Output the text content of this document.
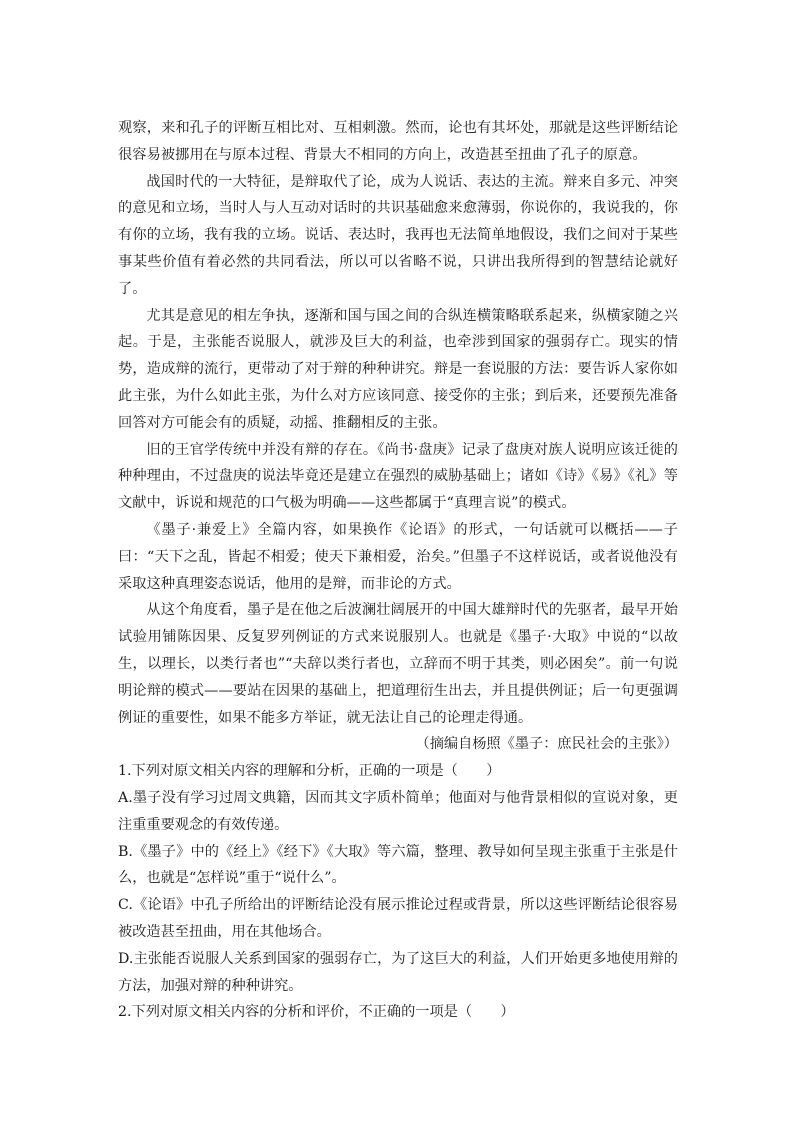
观察，来和孔子的评断互相比对、互相刺激。然而，论也有其坏处，那就是这些评断结论很容易被挪用在与原本过程、背景大不相同的方向上，改造甚至扭曲了孔子的原意。

战国时代的一大特征，是辩取代了论，成为人说话、表达的主流。辩来自多元、冲突的意见和立场，当时人与人互动对话时的共识基础愈来愈薄弱，你说你的，我说我的，你有你的立场，我有我的立场。说话、表达时，我再也无法简单地假设，我们之间对于某些事某些价值有着必然的共同看法，所以可以省略不说，只讲出我所得到的智慧结论就好了。

尤其是意见的相左争执，逐渐和国与国之间的合纵连横策略联系起来，纵横家随之兴起。于是，主张能否说服人，就涉及巨大的利益，也牵涉到国家的强弱存亡。现实的情势，造成辩的流行，更带动了对于辩的种种讲究。辩是一套说服的方法：要告诉人家你如此主张，为什么如此主张，为什么对方应该同意、接受你的主张；到后来，还要预先准备回答对方可能会有的质疑，动摇、推翻相反的主张。

旧的王官学传统中并没有辩的存在。《尚书·盘庚》记录了盘庚对族人说明应该迁徙的种种理由，不过盘庚的说法毕竟还是建立在强烈的威胁基础上；诸如《诗》《易》《礼》等文献中，诉说和规范的口气极为明确——这些都属于“真理言说”的模式。

《墨子·兼爱上》全篇内容，如果换作《论语》的形式，一句话就可以概括——子曰：“天下之乱，皆起不相爱；使天下兼相爱，治矣。”但墨子不这样说话，或者说他没有采取这种真理姿态说话，他用的是辩，而非论的方式。

从这个角度看，墨子是在他之后波澜壮阔展开的中国大雄辩时代的先驱者，最早开始试验用铺陈因果、反复罗列例证的方式来说服别人。也就是《墨子·大取》中说的“以故生，以理长，以类行者也”“夫辞以类行者也，立辞而不明于其类，则必困矣”。前一句说明论辩的模式——要站在因果的基础上，把道理衍生出去，并且提供例证；后一句更强调例证的重要性，如果不能多方举证，就无法让自己的论理走得通。

（摘编自杨照《墨子：庶民社会的主张》）

1.下列对原文相关内容的理解和分析，正确的一项是（　　）

A.墨子没有学习过周文典籍，因而其文字质朴简单；他面对与他背景相似的宣说对象，更注重重要观念的有效传递。

B.《墨子》中的《经上》《经下》《大取》等六篇，整理、教导如何呈现主张重于主张是什么，也就是“怎样说”重于“说什么”。

C.《论语》中孔子所给出的评断结论没有展示推论过程或背景，所以这些评断结论很容易被改造甚至扭曲，用在其他场合。

D.主张能否说服人关系到国家的强弱存亡，为了这巨大的利益，人们开始更多地使用辩的方法，加强对辩的种种讲究。

2.下列对原文相关内容的分析和评价，不正确的一项是（　　）
